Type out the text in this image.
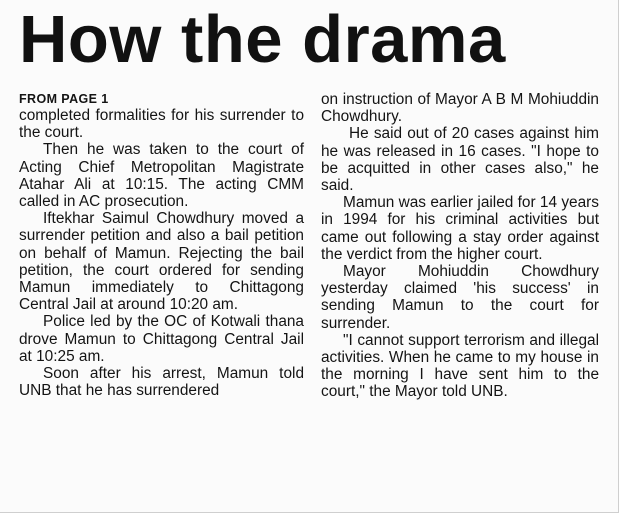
How the drama
FROM PAGE 1

completed formalities for his surrender to the court.

Then he was taken to the court of Acting Chief Metropolitan Magistrate Atahar Ali at 10:15. The acting CMM called in AC prosecution.

Iftekhar Saimul Chowdhury moved a surrender petition and also a bail petition on behalf of Mamun. Rejecting the bail petition, the court ordered for sending Mamun immediately to Chittagong Central Jail at around 10:20 am.

Police led by the OC of Kotwali thana drove Mamun to Chittagong Central Jail at 10:25 am.

Soon after his arrest, Mamun told UNB that he has surrendered

on instruction of Mayor A B M Mohiuddin Chowdhury.

He said out of 20 cases against him he was released in 16 cases. "I hope to be acquitted in other cases also," he said.

Mamun was earlier jailed for 14 years in 1994 for his criminal activities but came out following a stay order against the verdict from the higher court.

Mayor Mohiuddin Chowdhury yesterday claimed 'his success' in sending Mamun to the court for surrender.

"I cannot support terrorism and illegal activities. When he came to my house in the morning I have sent him to the court," the Mayor told UNB.
